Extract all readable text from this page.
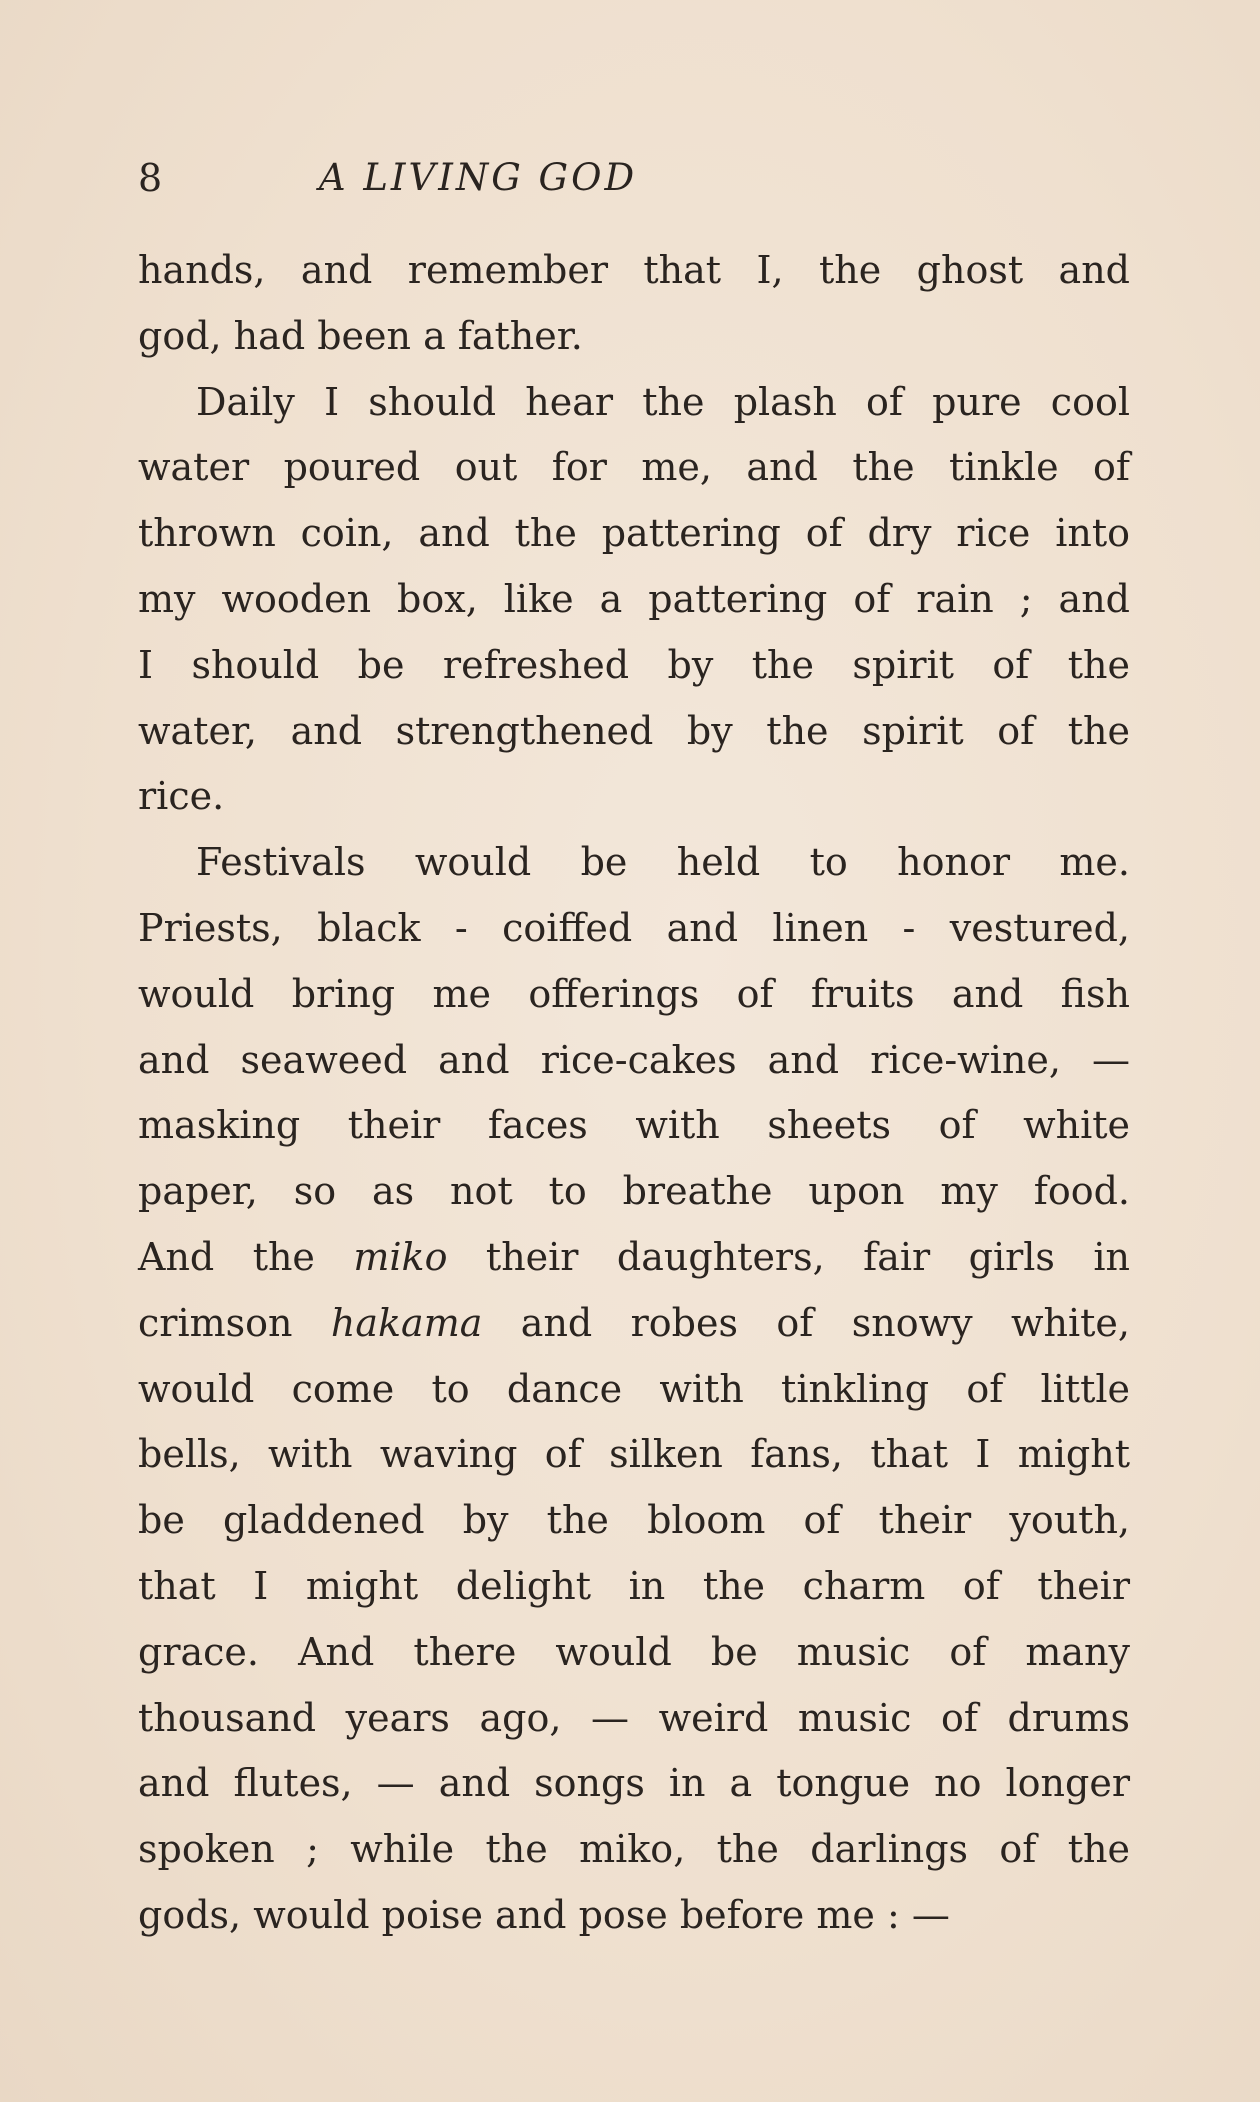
8	A LIVING GOD
hands, and remember that I, the ghost and
god, had been a father.
Daily I should hear the plash of pure cool
water poured out for me, and the tinkle of
thrown coin, and the pattering of dry rice into
my wooden box, like a pattering of rain ; and
I should be refreshed by the spirit of the
water, and strengthened by the spirit of the
rice.
Festivals would be held to honor me.
Priests, black - coiffed and linen - vestured,
would bring me offerings of fruits and fish
and seaweed and rice-cakes and rice-wine, —
masking their faces with sheets of white
paper, so as not to breathe upon my food.
And the miko their daughters, fair girls in
crimson hakama and robes of snowy white,
would come to dance with tinkling of little
bells, with waving of silken fans, that I might
be gladdened by the bloom of their youth,
that I might delight in the charm of their
grace. And there would be music of many
thousand years ago, — weird music of drums
and flutes, — and songs in a tongue no longer
spoken ; while the miko, the darlings of the
gods, would poise and pose before me : —
